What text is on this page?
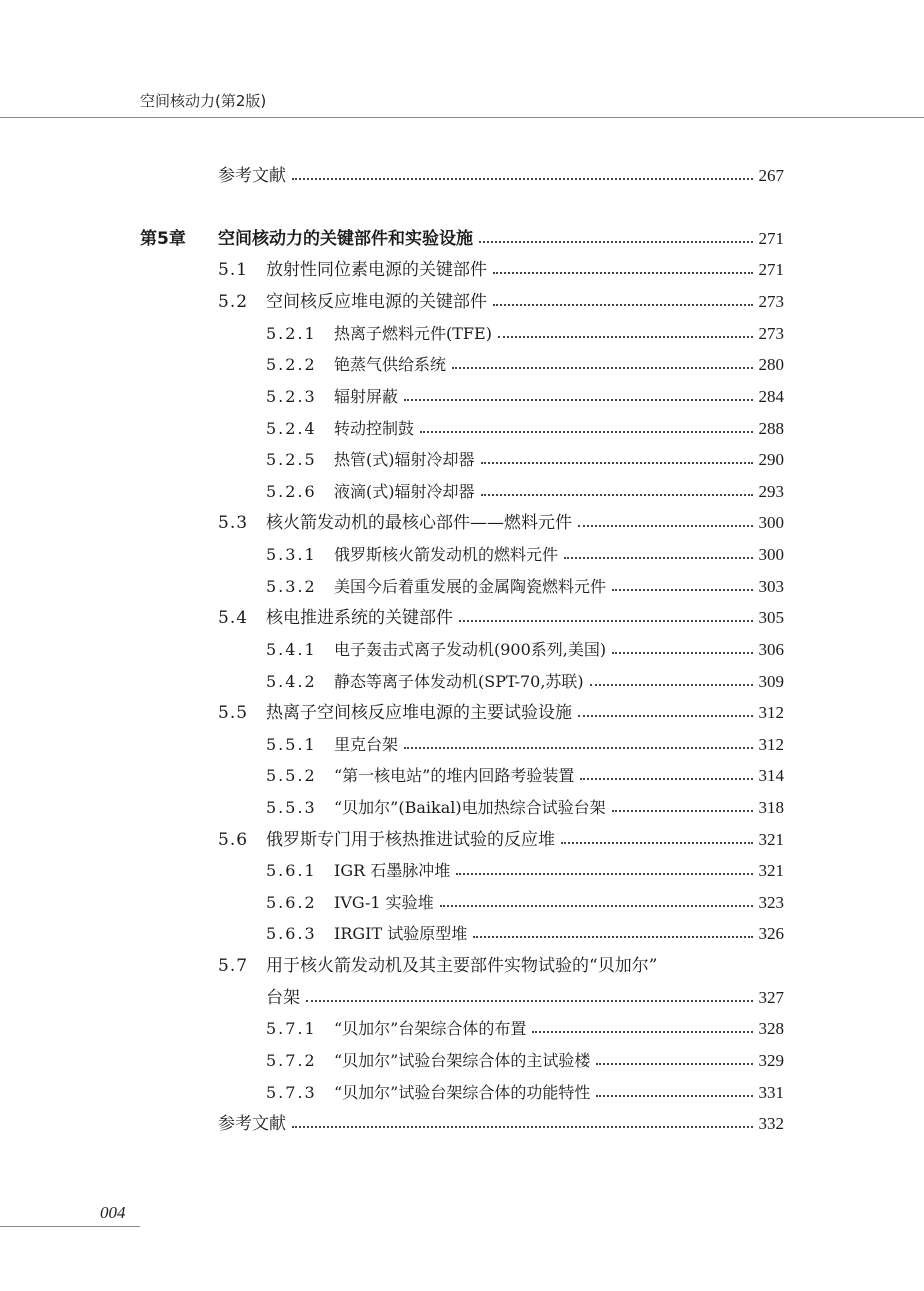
空间核动力(第2版)
参考文献	267
第5章	空间核动力的关键部件和实验设施	271
5.1	放射性同位素电源的关键部件	271
5.2	空间核反应堆电源的关键部件	273
5.2.1	热离子燃料元件(TFE)	273
5.2.2	铯蒸气供给系统	280
5.2.3	辐射屏蔽	284
5.2.4	转动控制鼓	288
5.2.5	热管(式)辐射冷却器	290
5.2.6	液滴(式)辐射冷却器	293
5.3	核火箭发动机的最核心部件——燃料元件	300
5.3.1	俄罗斯核火箭发动机的燃料元件	300
5.3.2	美国今后着重发展的金属陶瓷燃料元件	303
5.4	核电推进系统的关键部件	305
5.4.1	电子轰击式离子发动机(900系列,美国)	306
5.4.2	静态等离子体发动机(SPT-70,苏联)	309
5.5	热离子空间核反应堆电源的主要试验设施	312
5.5.1	里克台架	312
5.5.2	“第一核电站”的堆内回路考验装置	314
5.5.3	“贝加尔”(Baikal)电加热综合试验台架	318
5.6	俄罗斯专门用于核热推进试验的反应堆	321
5.6.1	IGR 石墨脉冲堆	321
5.6.2	IVG-1 实验堆	323
5.6.3	IRGIT 试验原型堆	326
5.7	用于核火箭发动机及其主要部件实物试验的“贝加尔”
台架	327
5.7.1	“贝加尔”台架综合体的布置	328
5.7.2	“贝加尔”试验台架综合体的主试验楼	329
5.7.3	“贝加尔”试验台架综合体的功能特性	331
参考文献	332
004
